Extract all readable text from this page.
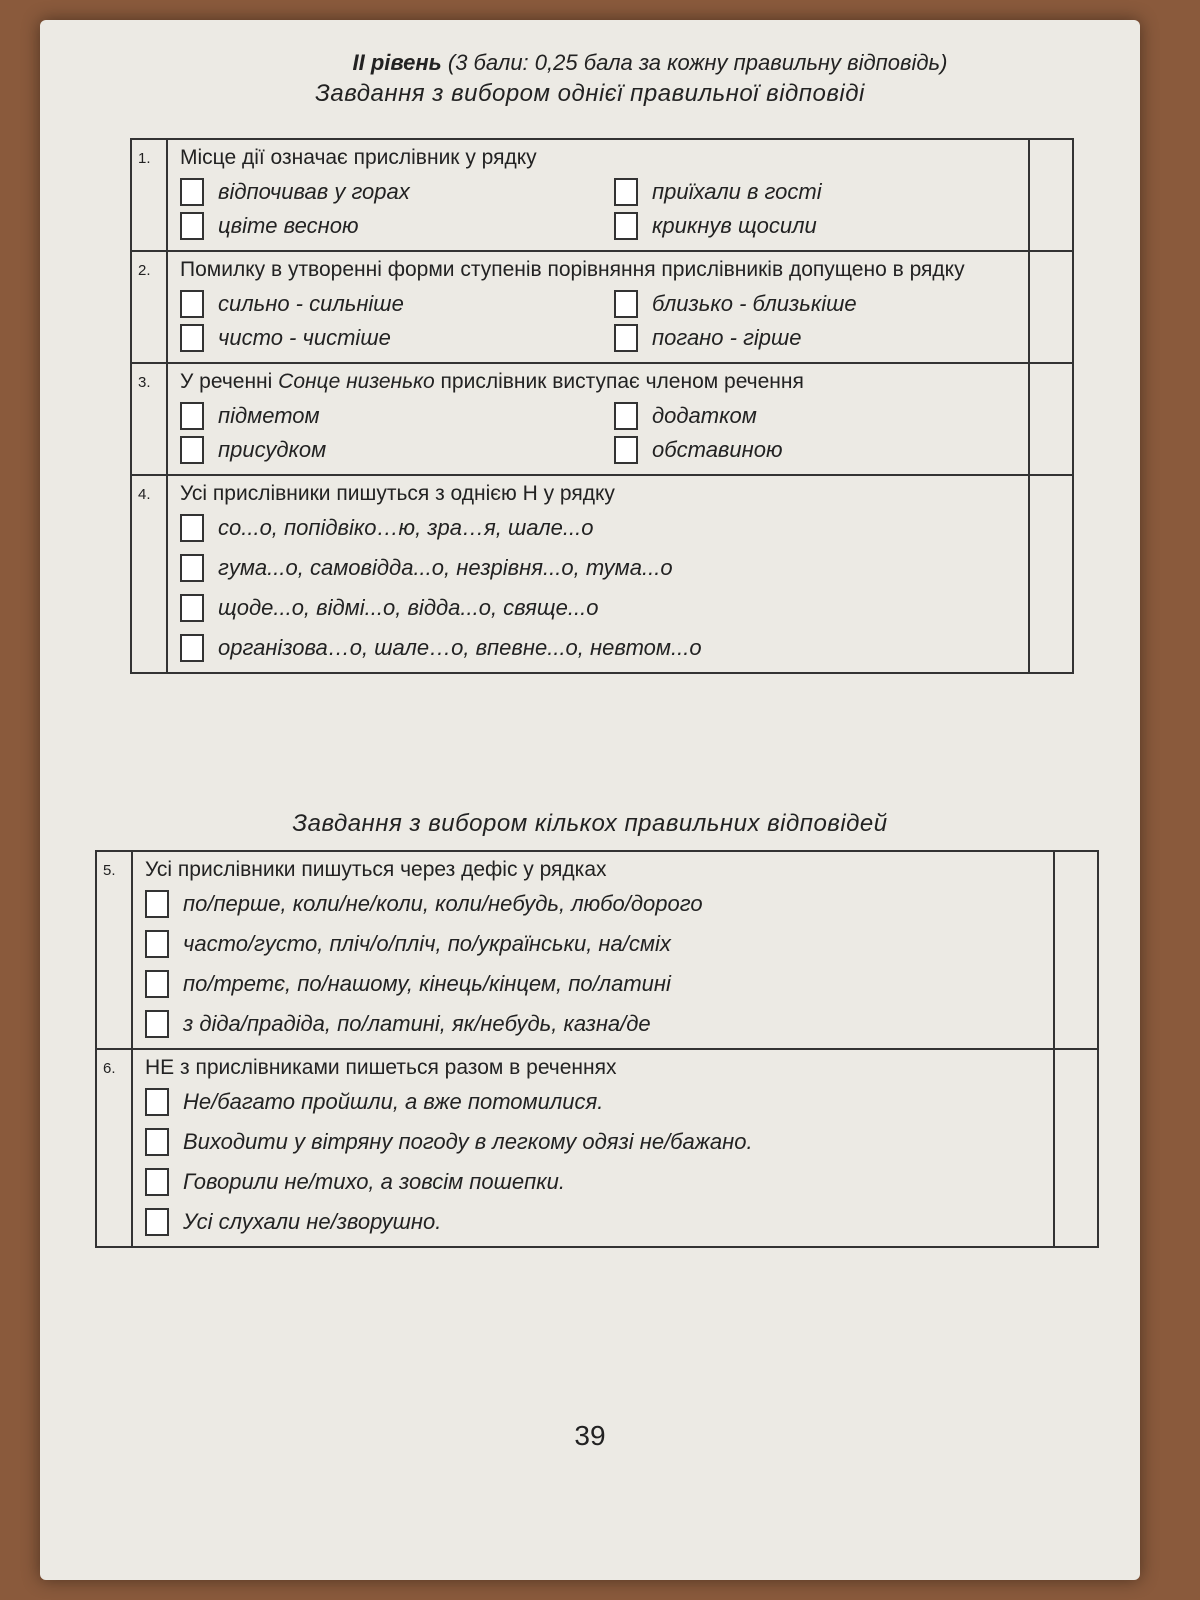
II рівень (3 бали: 0,25 бала за кожну правильну відповідь)
Завдання з вибором однієї правильної відповіді
1.	Місце дії означає прислівник у рядку
відпочивав у горах	приїхали в гості
цвіте весною	крикнув щосили
2.	Помилку в утворенні форми ступенів порівняння прислівників допущено в рядку
сильно - сильніше	близько - близькіше
чисто - чистіше	погано - гірше
3.	У реченні Сонце низенько прислівник виступає членом речення
підметом	додатком
присудком	обставиною
4.	Усі прислівники пишуться з однією Н у рядку
со...о, попідвіко…ю, зра…я, шале...о
гума...о, самовідда...о, незрівня...о, тума...о
щоде...о, відмі...о, відда...о, свяще...о
організова…о, шале…о, впевне...о, невтом...о
Завдання з вибором кількох правильних відповідей
5.	Усі прислівники пишуться через дефіс у рядках
по/перше, коли/не/коли, коли/небудь, любо/дорого
часто/густо, пліч/о/пліч, по/українськи, на/сміх
по/третє, по/нашому, кінець/кінцем, по/латині
з діда/прадіда, по/латині, як/небудь, казна/де
6.	НЕ з прислівниками пишеться разом в реченнях
Не/багато пройшли, а вже потомилися.
Виходити у вітряну погоду в легкому одязі не/бажано.
Говорили не/тихо, а зовсім пошепки.
Усі слухали не/зворушно.
39
